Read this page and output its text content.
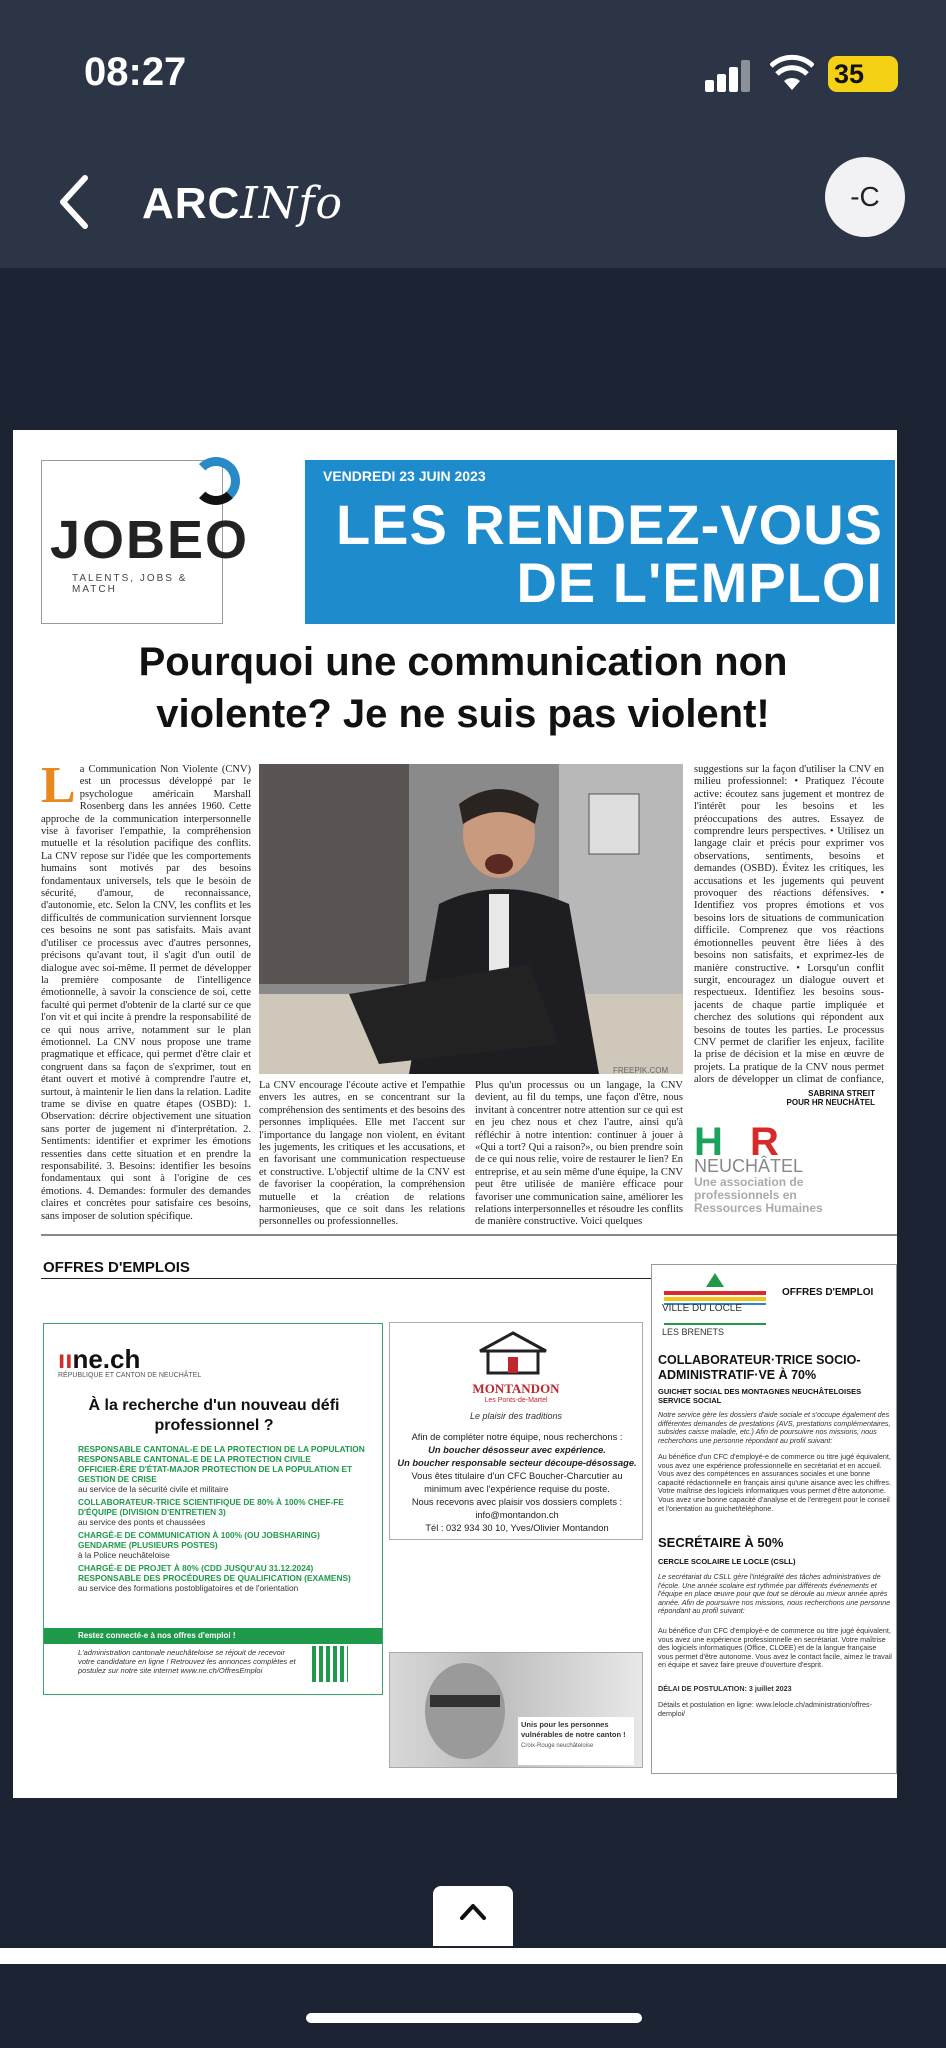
08:27	35
ARCINfo	-C
JOBEO
TALENTS, JOBS & MATCH
VENDREDI 23 JUIN 2023
LES RENDEZ-VOUS
DE L'EMPLOI
Pourquoi une communication non violente? Je ne suis pas violent!
La Communication Non Violente (CNV) est un processus développé par le psychologue américain Marshall Rosenberg dans les années 1960. Cette approche de la communication interpersonnelle vise à favoriser l'empathie, la compréhension mutuelle et la résolution pacifique des conflits. La CNV repose sur l'idée que les comportements humains sont motivés par des besoins fondamentaux universels, tels que le besoin de sécurité, d'amour, de reconnaissance, d'autonomie, etc. Selon la CNV, les conflits et les difficultés de communication surviennent lorsque ces besoins ne sont pas satisfaits. Mais avant d'utiliser ce processus avec d'autres personnes, précisons qu'avant tout, il s'agit d'un outil de dialogue avec soi-même. Il permet de développer la première composante de l'intelligence émotionnelle, à savoir la conscience de soi, cette faculté qui permet d'obtenir de la clarté sur ce que l'on vit et qui incite à prendre la responsabilité de ce qui nous arrive, notamment sur le plan émotionnel. La CNV nous propose une trame pragmatique et efficace, qui permet d'être clair et congruent dans sa façon de s'exprimer, tout en étant ouvert et motivé à comprendre l'autre et, surtout, à maintenir le lien dans la relation. Ladite trame se divise en quatre étapes (OSBD): 1. Observation: décrire objectivement une situation sans porter de jugement ni d'interprétation. 2. Sentiments: identifier et exprimer les émotions ressenties dans cette situation et en prendre la responsabilité. 3. Besoins: identifier les besoins fondamentaux qui sont à l'origine de ces émotions. 4. Demandes: formuler des demandes claires et concrètes pour satisfaire ces besoins, sans imposer de solution spécifique.
FREEPIK.COM
La CNV encourage l'écoute active et l'empathie envers les autres, en se concentrant sur la compréhension des sentiments et des besoins des personnes impliquées. Elle met l'accent sur l'importance du langage non violent, en évitant les jugements, les critiques et les accusations, et en favorisant une communication respectueuse et constructive. L'objectif ultime de la CNV est de favoriser la coopération, la compréhension mutuelle et la création de relations harmonieuses, que ce soit dans les relations personnelles ou professionnelles.
Plus qu'un processus ou un langage, la CNV devient, au fil du temps, une façon d'être, nous invitant à concentrer notre attention sur ce qui est en jeu chez nous et chez l'autre, ainsi qu'à réfléchir à notre intention: continuer à jouer à «Qui a tort? Qui a raison?», ou bien prendre soin de ce qui nous relie, voire de restaurer le lien? En entreprise, et au sein même d'une équipe, la CNV peut être utilisée de manière efficace pour favoriser une communication saine, améliorer les relations interpersonnelles et résoudre les conflits de manière constructive. Voici quelques
suggestions sur la façon d'utiliser la CNV en milieu professionnel: • Pratiquez l'écoute active: écoutez sans jugement et montrez de l'intérêt pour les besoins et les préoccupations des autres. Essayez de comprendre leurs perspectives. • Utilisez un langage clair et précis pour exprimer vos observations, sentiments, besoins et demandes (OSBD). Évitez les critiques, les accusations et les jugements qui peuvent provoquer des réactions défensives. • Identifiez vos propres émotions et vos besoins lors de situations de communication difficile. Comprenez que vos réactions émotionnelles peuvent être liées à des besoins non satisfaits, et exprimez-les de manière constructive. • Lorsqu'un conflit surgit, encouragez un dialogue ouvert et respectueux. Identifiez les besoins sous-jacents de chaque partie impliquée et cherchez des solutions qui répondent aux besoins de toutes les parties. Le processus CNV permet de clarifier les enjeux, facilite la prise de décision et la mise en œuvre de projets. La pratique de la CNV nous permet alors de développer un climat de confiance,
SABRINA STREIT
POUR HR NEUCHÂTEL
H R
NEUCHÂTEL
Une association de professionnels en Ressources Humaines
OFFRES D'EMPLOIS
ııne.ch
RÉPUBLIQUE ET CANTON DE NEUCHÂTEL
À la recherche d'un nouveau défi professionnel ?
RESPONSABLE CANTONAL-E DE LA PROTECTION DE LA POPULATION
RESPONSABLE CANTONAL-E DE LA PROTECTION CIVILE
OFFICIER-ÈRE D'ÉTAT-MAJOR PROTECTION DE LA POPULATION ET GESTION DE CRISE
au service de la sécurité civile et militaire
COLLABORATEUR-TRICE SCIENTIFIQUE DE 80% À 100% CHEF-FE D'ÉQUIPE (DIVISION D'ENTRETIEN 3)
au service des ponts et chaussées
CHARGÉ-E DE COMMUNICATION À 100% (OU JOBSHARING) GENDARME (PLUSIEURS POSTES)
à la Police neuchâteloise
CHARGÉ-E DE PROJET À 80% (CDD JUSQU'AU 31.12.2024) RESPONSABLE DES PROCÉDURES DE QUALIFICATION (EXAMENS)
au service des formations postobligatoires et de l'orientation
Restez connecté-e à nos offres d'emploi !
L'administration cantonale neuchâteloise se réjouit de recevoir votre candidature en ligne ! Retrouvez les annonces complètes et postulez sur notre site internet www.ne.ch/OffresEmploi
MONTANDON
Les Ponts-de-Martel
Le plaisir des traditions
Afin de compléter notre équipe, nous recherchons :
Un boucher désosseur avec expérience.
Un boucher responsable secteur découpe-désossage.
Vous êtes titulaire d'un CFC Boucher-Charcutier au minimum avec l'expérience requise du poste.
Nous recevons avec plaisir vos dossiers complets :
info@montandon.ch
Tél : 032 934 30 10, Yves/Olivier Montandon
Unis pour les personnes vulnérables de notre canton !
Croix-Rouge neuchâteloise
VILLE DU LOCLE
LES BRENETS
OFFRES D'EMPLOI
COLLABORATEUR·TRICE SOCIO-ADMINISTRATIF·VE À 70%
GUICHET SOCIAL DES MONTAGNES NEUCHÂTELOISES SERVICE SOCIAL
Notre service gère les dossiers d'aide sociale et s'occupe également des différentes demandes de prestations (AVS, prestations complémentaires, subsides caisse maladie, etc.) Afin de poursuivre nos missions, nous recherchons une personne répondant au profil suivant:
Au bénéfice d'un CFC d'employé-e de commerce ou titre jugé équivalent, vous avez une expérience professionnelle en secrétariat et en accueil. Vous avez des compétences en assurances sociales et une bonne capacité rédactionnelle en français ainsi qu'une aisance avec les chiffres. Votre maîtrise des logiciels informatiques vous permet d'être autonome. Vous avez une bonne capacité d'analyse et de l'entregent pour le conseil et l'orientation au guichet/téléphone.
SECRÉTAIRE À 50%
CERCLE SCOLAIRE LE LOCLE (CSLL)
Le secrétariat du CSLL gère l'intégralité des tâches administratives de l'école. Une année scolaire est rythmée par différents événements et l'équipe en place œuvre pour que tout se déroule au mieux année après année. Afin de poursuivre nos missions, nous recherchons une personne répondant au profil suivant:
Au bénéfice d'un CFC d'employé-e de commerce ou titre jugé équivalent, vous avez une expérience professionnelle en secrétariat. Votre maîtrise des logiciels informatiques (Office, CLOEE) et de la langue française vous permet d'être autonome. Vous avez le contact facile, aimez le travail en équipe et savez faire preuve d'ouverture d'esprit.
DÉLAI DE POSTULATION: 3 juillet 2023
Détails et postulation en ligne: www.lelocle.ch/administration/offres-demploi/
